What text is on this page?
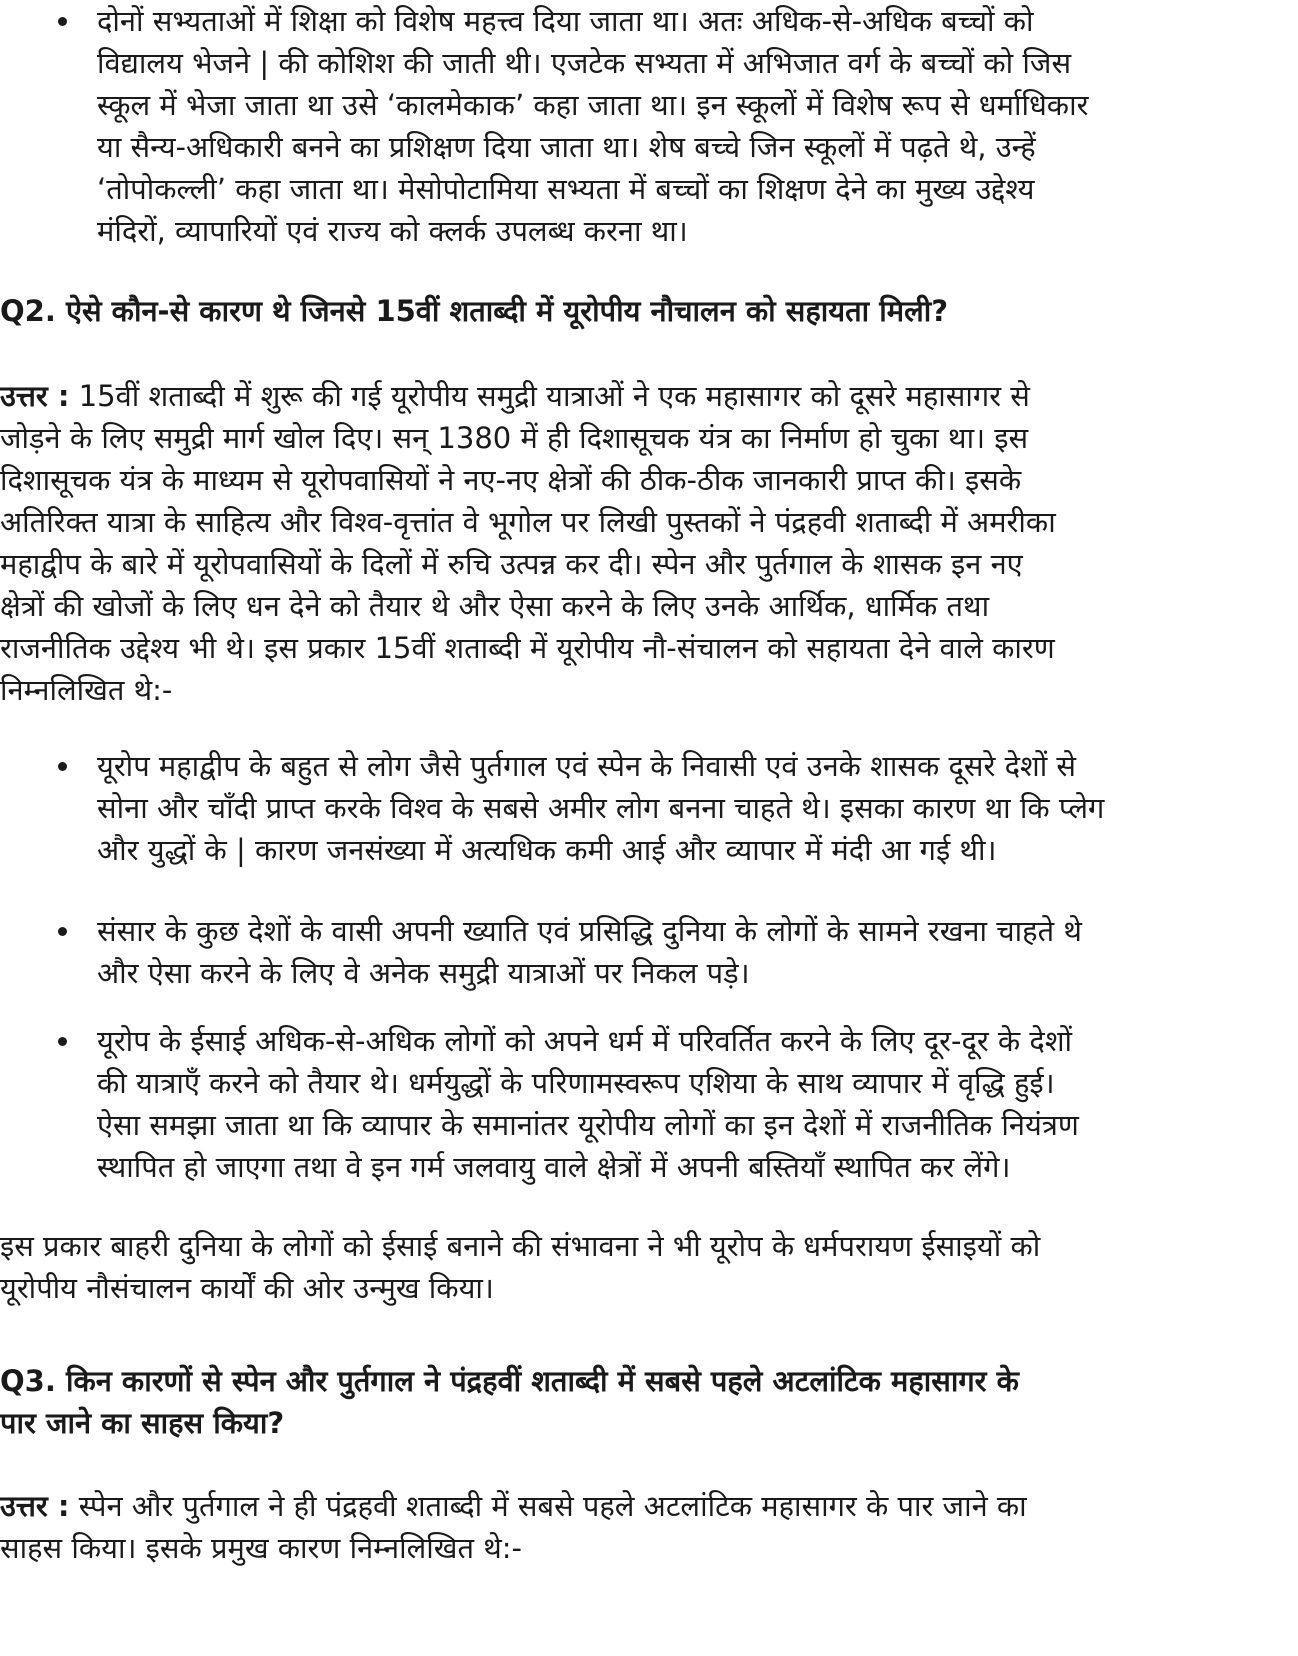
दोनों सभ्यताओं में शिक्षा को विशेष महत्त्व दिया जाता था। अतः अधिक-से-अधिक बच्चों को
विद्यालय भेजने | की कोशिश की जाती थी। एजटेक सभ्यता में अभिजात वर्ग के बच्चों को जिस
स्कूल में भेजा जाता था उसे ‘कालमेकाक’ कहा जाता था। इन स्कूलों में विशेष रूप से धर्माधिकार
या सैन्य-अधिकारी बनने का प्रशिक्षण दिया जाता था। शेष बच्चे जिन स्कूलों में पढ़ते थे, उन्हें
‘तोपोकल्ली’ कहा जाता था। मेसोपोटामिया सभ्यता में बच्चों का शिक्षण देने का मुख्य उद्देश्य
मंदिरों, व्यापारियों एवं राज्य को क्लर्क उपलब्ध करना था।
Q2. ऐसे कौन-से कारण थे जिनसे 15वीं शताब्दी में यूरोपीय नौचालन को सहायता मिली?
उत्तर : 15वीं शताब्दी में शुरू की गई यूरोपीय समुद्री यात्राओं ने एक महासागर को दूसरे महासागर से
जोड़ने के लिए समुद्री मार्ग खोल दिए। सन् 1380 में ही दिशासूचक यंत्र का निर्माण हो चुका था। इस
दिशासूचक यंत्र के माध्यम से यूरोपवासियों ने नए-नए क्षेत्रों की ठीक-ठीक जानकारी प्राप्त की। इसके
अतिरिक्त यात्रा के साहित्य और विश्व-वृत्तांत वे भूगोल पर लिखी पुस्तकों ने पंद्रहवी शताब्दी में अमरीका
महाद्वीप के बारे में यूरोपवासियों के दिलों में रुचि उत्पन्न कर दी। स्पेन और पुर्तगाल के शासक इन नए
क्षेत्रों की खोजों के लिए धन देने को तैयार थे और ऐसा करने के लिए उनके आर्थिक, धार्मिक तथा
राजनीतिक उद्देश्य भी थे। इस प्रकार 15वीं शताब्दी में यूरोपीय नौ-संचालन को सहायता देने वाले कारण
निम्नलिखित थे:-
यूरोप महाद्वीप के बहुत से लोग जैसे पुर्तगाल एवं स्पेन के निवासी एवं उनके शासक दूसरे देशों से
सोना और चाँदी प्राप्त करके विश्व के सबसे अमीर लोग बनना चाहते थे। इसका कारण था कि प्लेग
और युद्धों के | कारण जनसंख्या में अत्यधिक कमी आई और व्यापार में मंदी आ गई थी।
संसार के कुछ देशों के वासी अपनी ख्याति एवं प्रसिद्धि दुनिया के लोगों के सामने रखना चाहते थे
और ऐसा करने के लिए वे अनेक समुद्री यात्राओं पर निकल पड़े।
यूरोप के ईसाई अधिक-से-अधिक लोगों को अपने धर्म में परिवर्तित करने के लिए दूर-दूर के देशों
की यात्राएँ करने को तैयार थे। धर्मयुद्धों के परिणामस्वरूप एशिया के साथ व्यापार में वृद्धि हुई।
ऐसा समझा जाता था कि व्यापार के समानांतर यूरोपीय लोगों का इन देशों में राजनीतिक नियंत्रण
स्थापित हो जाएगा तथा वे इन गर्म जलवायु वाले क्षेत्रों में अपनी बस्तियाँ स्थापित कर लेंगे।
इस प्रकार बाहरी दुनिया के लोगों को ईसाई बनाने की संभावना ने भी यूरोप के धर्मपरायण ईसाइयों को
यूरोपीय नौसंचालन कार्यों की ओर उन्मुख किया।
Q3. किन कारणों से स्पेन और पुर्तगाल ने पंद्रहवीं शताब्दी में सबसे पहले अटलांटिक महासागर के
पार जाने का साहस किया?
उत्तर : स्पेन और पुर्तगाल ने ही पंद्रहवी शताब्दी में सबसे पहले अटलांटिक महासागर के पार जाने का
साहस किया। इसके प्रमुख कारण निम्नलिखित थे:-
